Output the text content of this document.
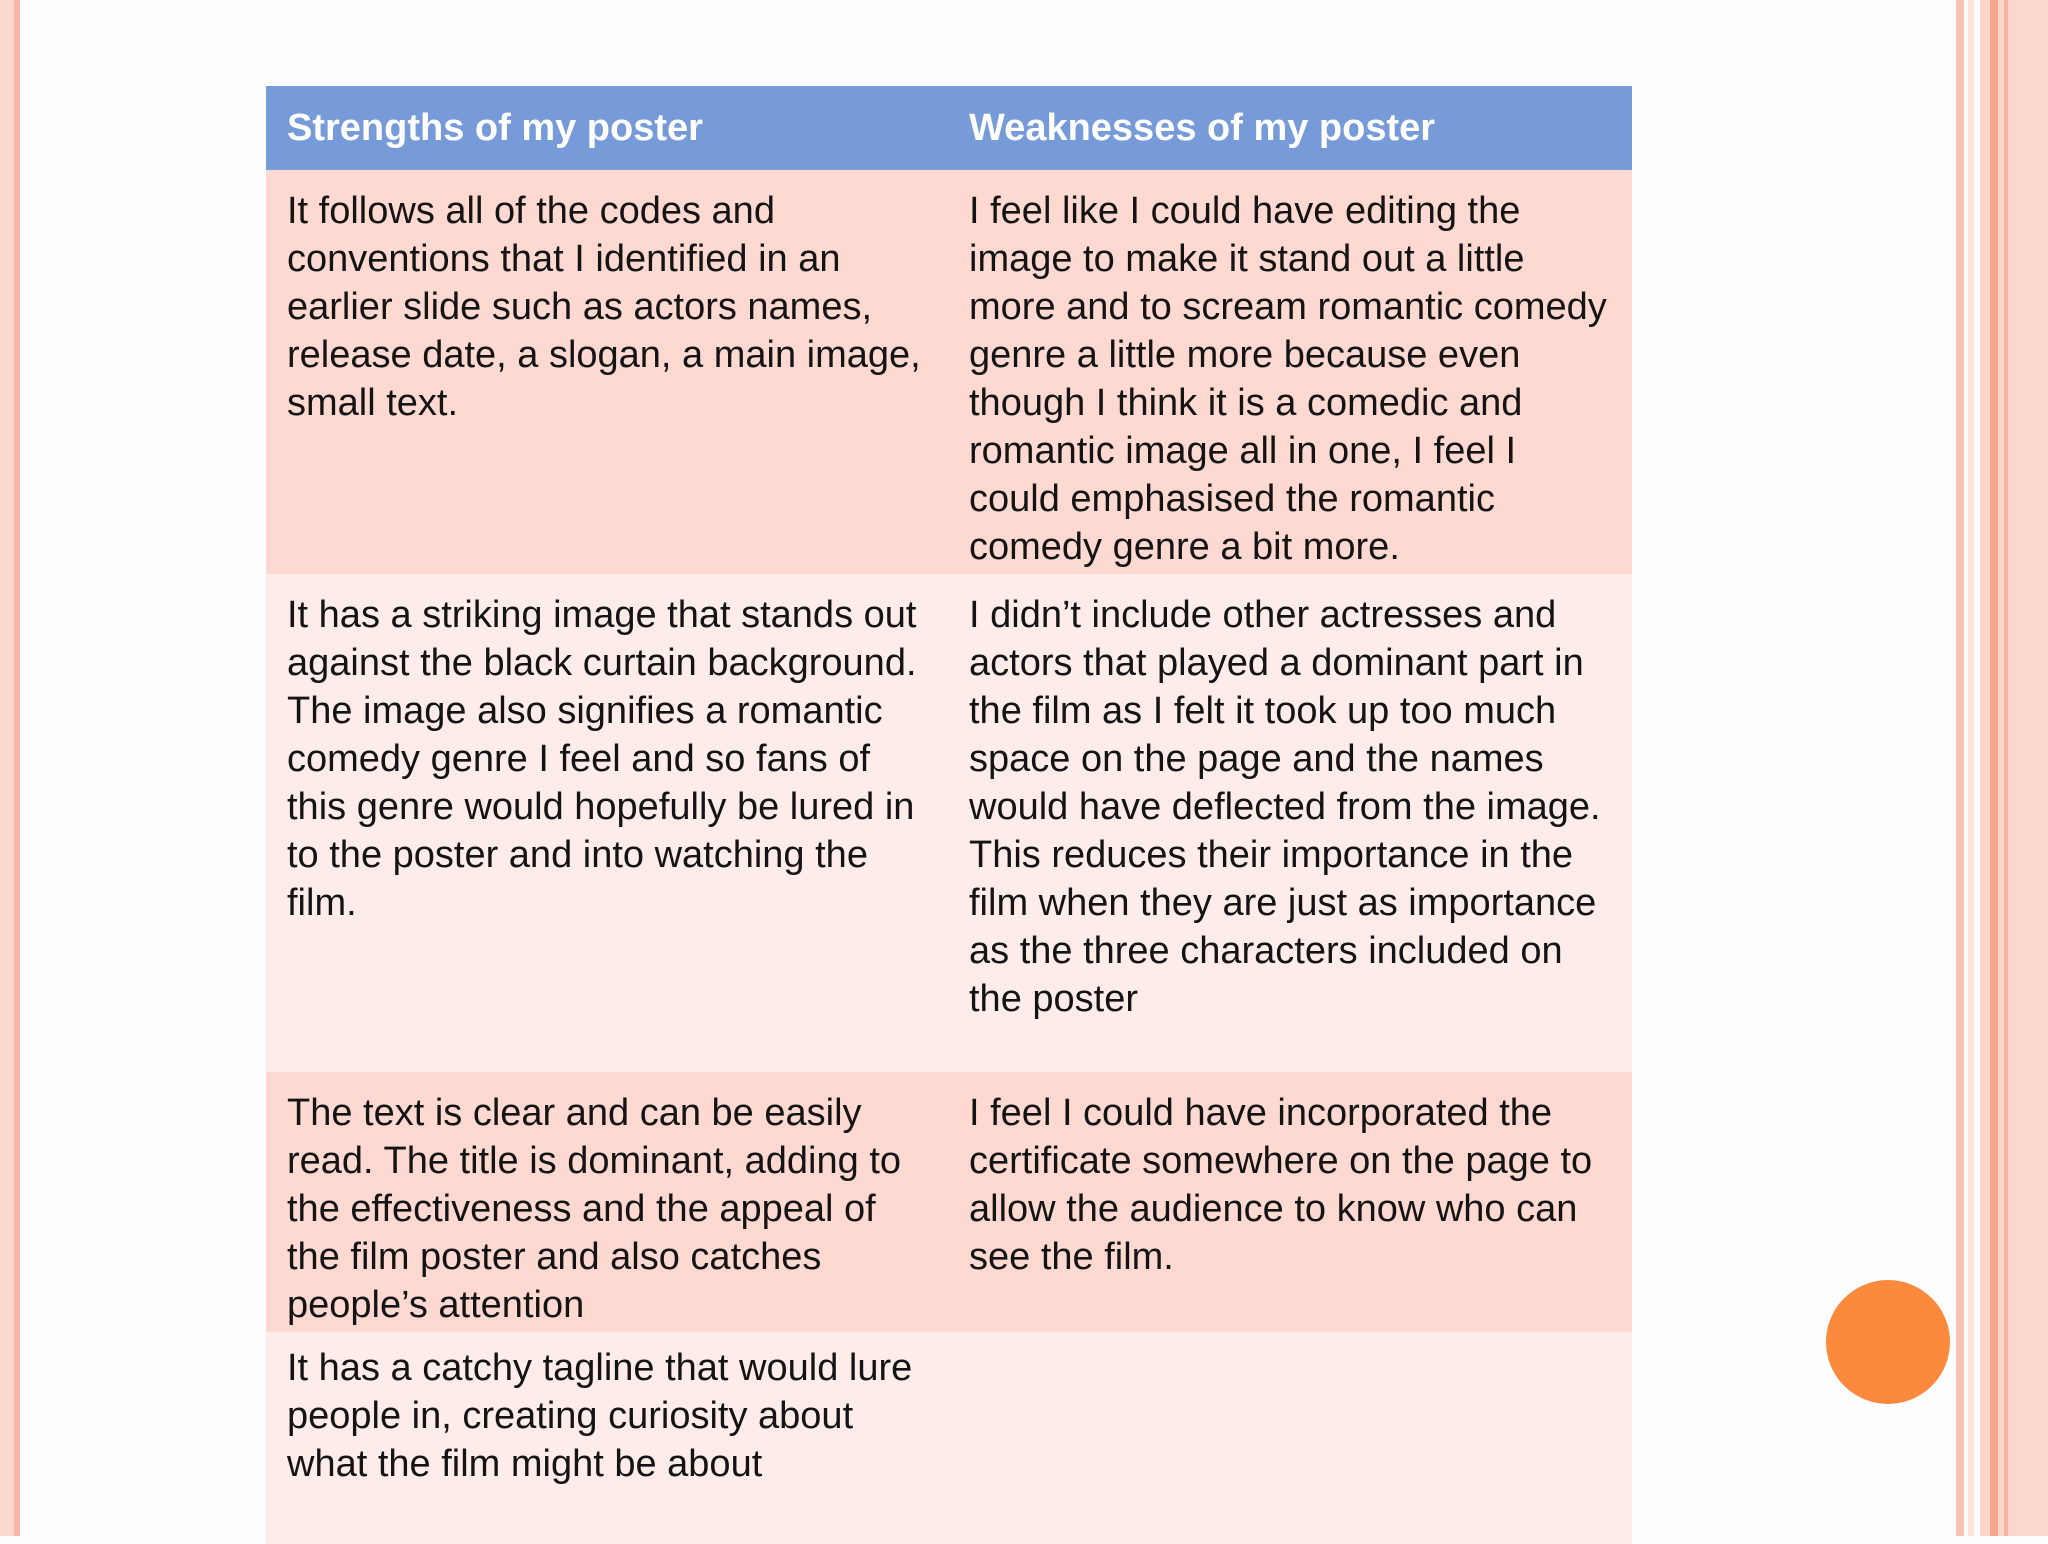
Strengths of my poster	Weaknesses of my poster
It follows all of the codes and conventions that I identified in an earlier slide such as actors names, release date, a slogan, a main image, small text.
I feel like I could have editing the image to make it stand out a little more and to scream romantic comedy genre a little more because even though I think it is a comedic and romantic image all in one, I feel I could emphasised the romantic comedy genre a bit more.
It has a striking image that stands out against the black curtain background. The image also signifies a romantic comedy genre I feel and so fans of this genre would hopefully be lured in to the poster and into watching the film.
I didn’t include other actresses and actors that played a dominant part in the film as I felt it took up too much space on the page and the names would have deflected from the image. This reduces their importance in the film when they are just as importance as the three characters included on the poster
The text is clear and can be easily read. The title is dominant, adding to the effectiveness and the appeal of the film poster and also catches people’s attention
I feel I could have incorporated the certificate somewhere on the page to allow the audience to know who can see the film.
It has a catchy tagline that would lure people in, creating curiosity about what the film might be about
